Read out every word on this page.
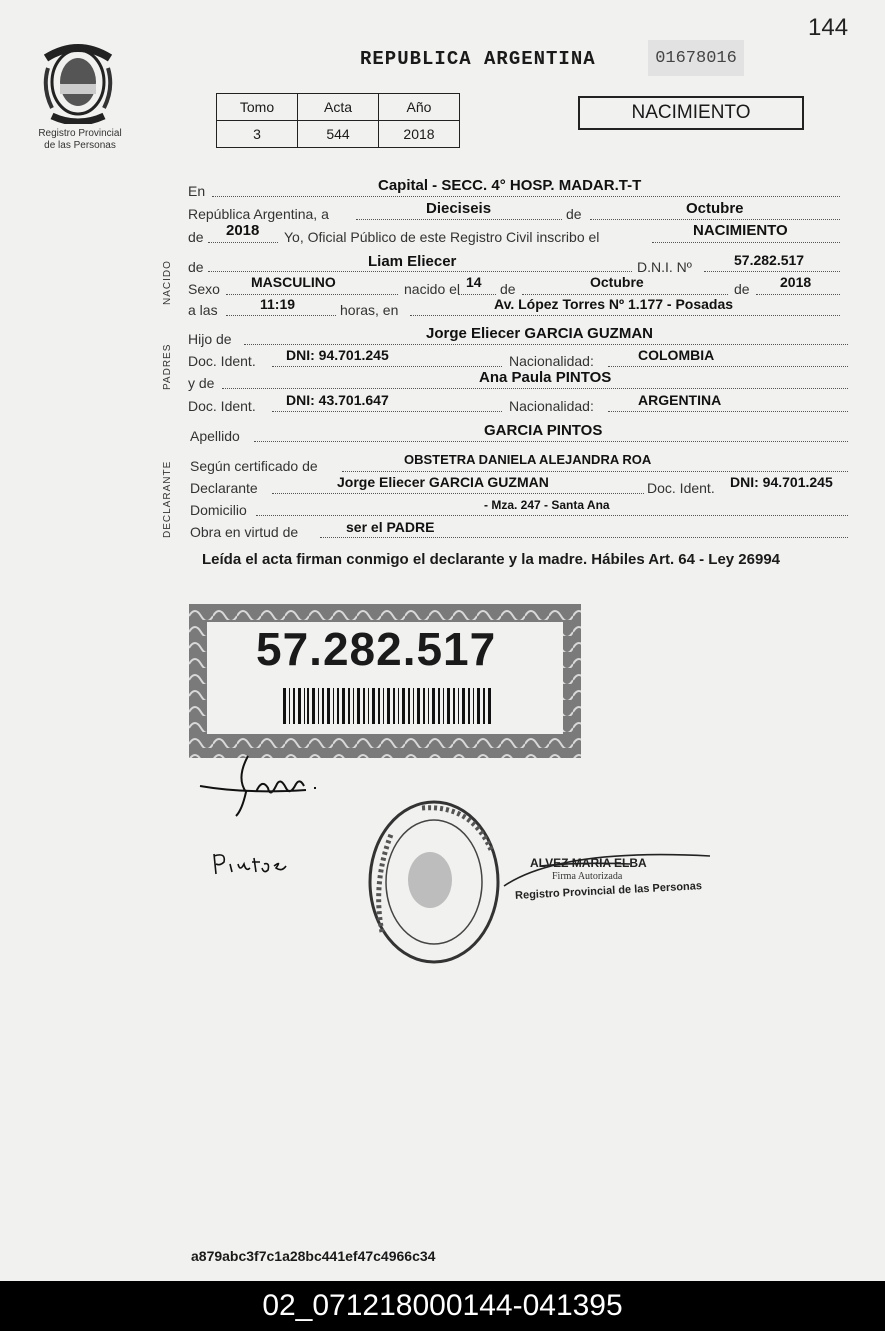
144
Registro Provincial
de las Personas
REPUBLICA ARGENTINA	01678016
Tomo	Acta	Año
3	544	2018
NACIMIENTO
NACIDO
PADRES
DECLARANTE
En	Capital - SECC. 4° HOSP. MADAR.T-T
República Argentina, a	Dieciseis	de	Octubre
de 2018 Yo, Oficial Público de este Registro Civil inscribo el	NACIMIENTO
de	Liam Eliecer	D.N.I. Nº	57.282.517
Sexo MASCULINO	nacido el 14 de	Octubre	de 2018
a las	11:19	horas, en	Av. López Torres Nº 1.177 - Posadas
Hijo de	Jorge Eliecer GARCIA GUZMAN
Doc. Ident. DNI: 94.701.245	Nacionalidad:	COLOMBIA
y de	Ana Paula PINTOS
Doc. Ident. DNI: 43.701.647	Nacionalidad:	ARGENTINA
Apellido	GARCIA PINTOS
Según certificado de	OBSTETRA DANIELA ALEJANDRA ROA
Declarante	Jorge Eliecer GARCIA GUZMAN	Doc. Ident. DNI: 94.701.245
Domicilio	- Mza. 247 - Santa Ana
Obra en virtud de	ser el PADRE
Leída el acta firman conmigo el declarante y la madre. Hábiles Art. 64 - Ley 26994
57.282.517
ALVEZ MARIA ELBA
Firma Autorizada
Registro Provincial de las Personas
a879abc3f7c1a28bc441ef47c4966c34
02_071218000144-041395
